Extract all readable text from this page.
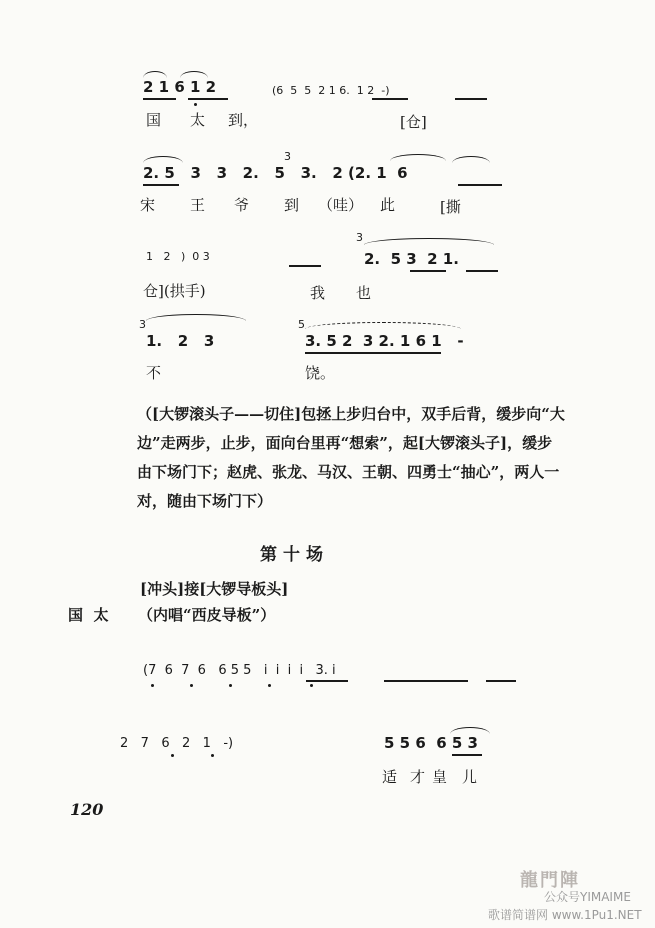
2 1 6 1 2	(6  5  5  2 1 6.  1 2  -)
国 太 到，	[仓]
2. 5   3   3   2.   5   3.   2 (2. 1  6
3
宋 王 爷 到 （哇） 此	[撕
1   2   )  0 3
3
2.  5 3  2 1.
仓](拱手)	我 也
3
1.   2   3
5
3. 5 2  3 2. 1 6 1   -
不	饶。
（[大锣滚头子——切住]包拯上步归台中，双手后背，缓步向“大边”走两步，止步，面向台里再“想索”，起[大锣滚头子]，缓步由下场门下；赵虎、张龙、马汉、王朝、四勇士“抽心”，两人一对，随由下场门下）
第十场
[冲头]接[大锣导板头]
国  太 （内唱“西皮导板”）
(7  6  7  6   6 5 5   i  i  i  i   3. i
2   7   6   2   1   -)	5 5 6  6 5 3
适 才 皇 儿
120
龍門陣
公众号YIMAIME
歌谱简谱网 www.1Pu1.NET
